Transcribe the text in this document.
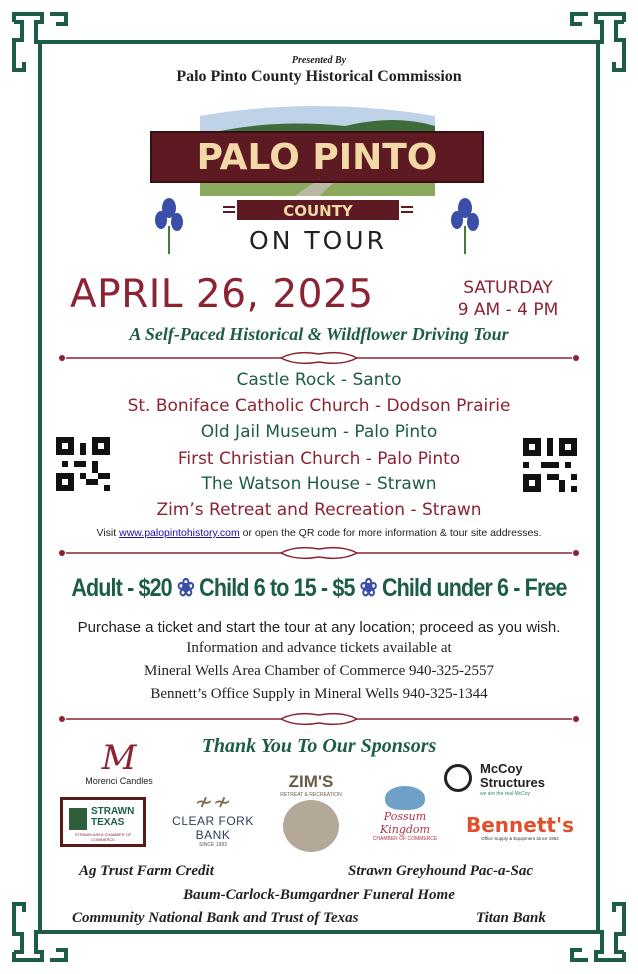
Presented By
Palo Pinto County Historical Commission
PALO PINTO
COUNTY
ON TOUR
APRIL 26, 2025	SATURDAY
9 AM - 4 PM
A Self-Paced Historical & Wildflower Driving Tour
Castle Rock - Santo
St. Boniface Catholic Church - Dodson Prairie
Old Jail Museum - Palo Pinto
First Christian Church - Palo Pinto
The Watson House - Strawn
Zim’s Retreat and Recreation - Strawn
Visit www.palopintohistory.com or open the QR code for more information & tour site addresses.
Adult - $20 ❀ Child 6 to 15 - $5 ❀ Child under 6 - Free
Purchase a ticket and start the tour at any location; proceed as you wish.
Information and advance tickets available at
Mineral Wells Area Chamber of Commerce 940-325-2557
Bennett’s Office Supply in Mineral Wells 940-325-1344
Thank You To Our Sponsors
M
Morenci Candles
STRAWN TEXAS
STRAWN AREA CHAMBER OF COMMERCE
≁≁
CLEAR FORK BANK
SINCE 1983
ZIM'S
RETREAT & RECREATION
Possum Kingdom
CHAMBER OF COMMERCE
McCoy
Structures
we are the real McCoy
Bennett's
Office Supply & Equipment Since 1962
Ag Trust Farm Credit	Strawn Greyhound Pac-a-Sac
Baum-Carlock-Bumgardner Funeral Home
Community National Bank and Trust of Texas	Titan Bank
